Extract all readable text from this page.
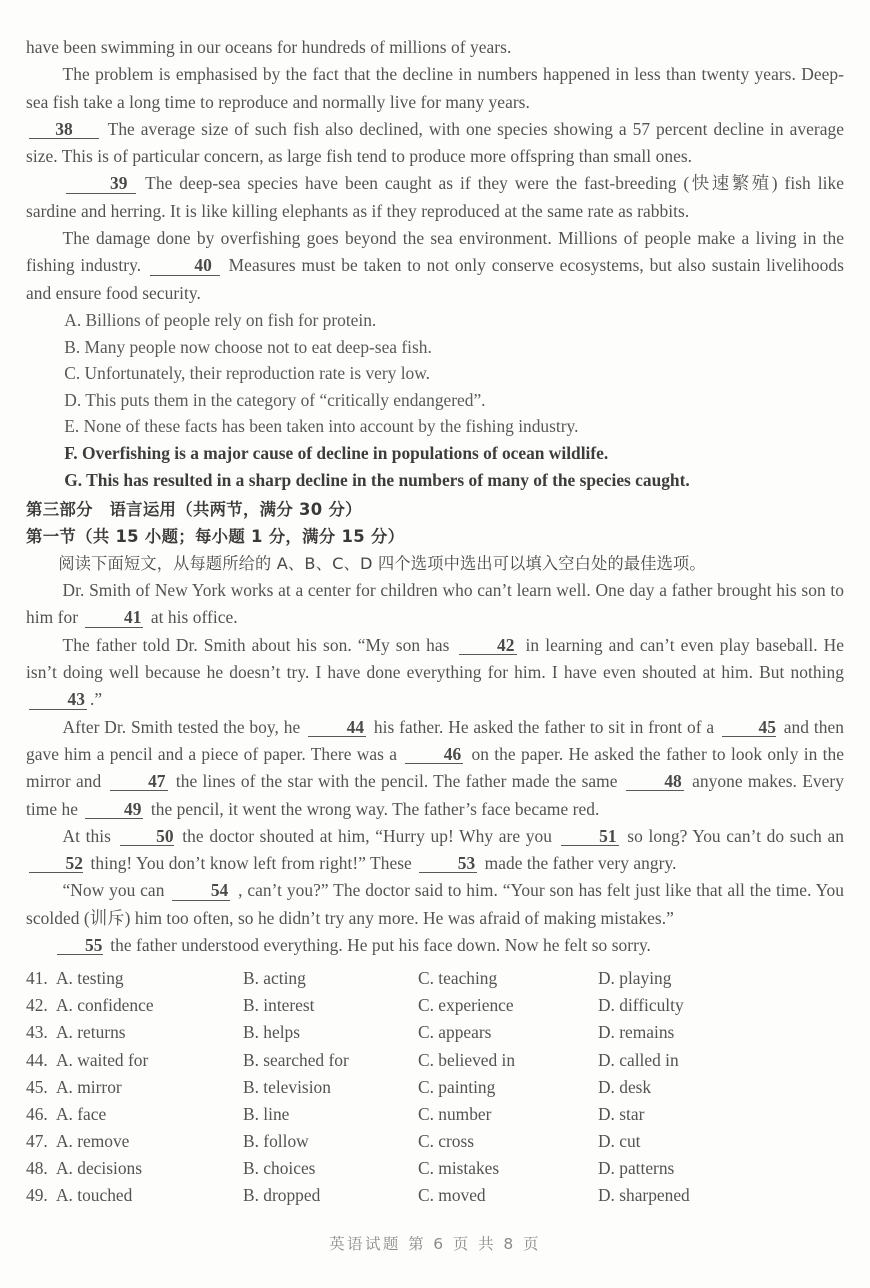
have been swimming in our oceans for hundreds of millions of years.

The problem is emphasised by the fact that the decline in numbers happened in less than twenty years. Deep-sea fish take a long time to reproduce and normally live for many years.

38 The average size of such fish also declined, with one species showing a 57 percent decline in average size. This is of particular concern, as large fish tend to produce more offspring than small ones.

39 The deep-sea species have been caught as if they were the fast-breeding (快速繁殖) fish like sardine and herring. It is like killing elephants as if they reproduced at the same rate as rabbits.

The damage done by overfishing goes beyond the sea environment. Millions of people make a living in the fishing industry.	40 Measures must be taken to not only conserve ecosystems, but also sustain livelihoods and ensure food security.

A. Billions of people rely on fish for protein.
B. Many people now choose not to eat deep-sea fish.
C. Unfortunately, their reproduction rate is very low.
D. This puts them in the category of “critically endangered”.
E. None of these facts has been taken into account by the fishing industry.
F. Overfishing is a major cause of decline in populations of ocean wildlife.
G. This has resulted in a sharp decline in the numbers of many of the species caught.

第三部分　语言运用（共两节，满分 30 分）

第一节（共 15 小题；每小题 1 分，满分 15 分）

阅读下面短文，从每题所给的 A、B、C、D 四个选项中选出可以填入空白处的最佳选项。

Dr. Smith of New York works at a center for children who can’t learn well. One day a father brought his son to him for	41 at his office.

The father told Dr. Smith about his son. “My son has	42 in learning and can’t even play baseball. He isn’t doing well because he doesn’t try. I have done everything for him. I have even shouted at him. But nothing 43 .”

After Dr. Smith tested the boy, he	44 his father. He asked the father to sit in front of a	45 and then gave him a pencil and a piece of paper. There was a	46 on the paper. He asked the father to look only in the mirror and	47 the lines of the star with the pencil. The father made the same	48 anyone makes. Every time he	49 the pencil, it went the wrong way. The father’s face became red.

At this	50 the doctor shouted at him, “Hurry up! Why are you	51 so long? You can’t do such an 52 thing! You don’t know left from right!” These	53 made the father very angry.

“Now you can	54 , can’t you?” The doctor said to him. “Your son has felt just like that all the time. You scolded (训斥) him too often, so he didn’t try any more. He was afraid of making mistakes.”

55 the father understood everything. He put his face down. Now he felt so sorry.

41. A. testing	B. acting	C. teaching	D. playing
42. A. confidence	B. interest	C. experience	D. difficulty
43. A. returns	B. helps	C. appears	D. remains
44. A. waited for	B. searched for	C. believed in	D. called in
45. A. mirror	B. television	C. painting	D. desk
46. A. face	B. line	C. number	D. star
47. A. remove	B. follow	C. cross	D. cut
48. A. decisions	B. choices	C. mistakes	D. patterns
49. A. touched	B. dropped	C. moved	D. sharpened
英语试题 第 6 页 共 8 页
